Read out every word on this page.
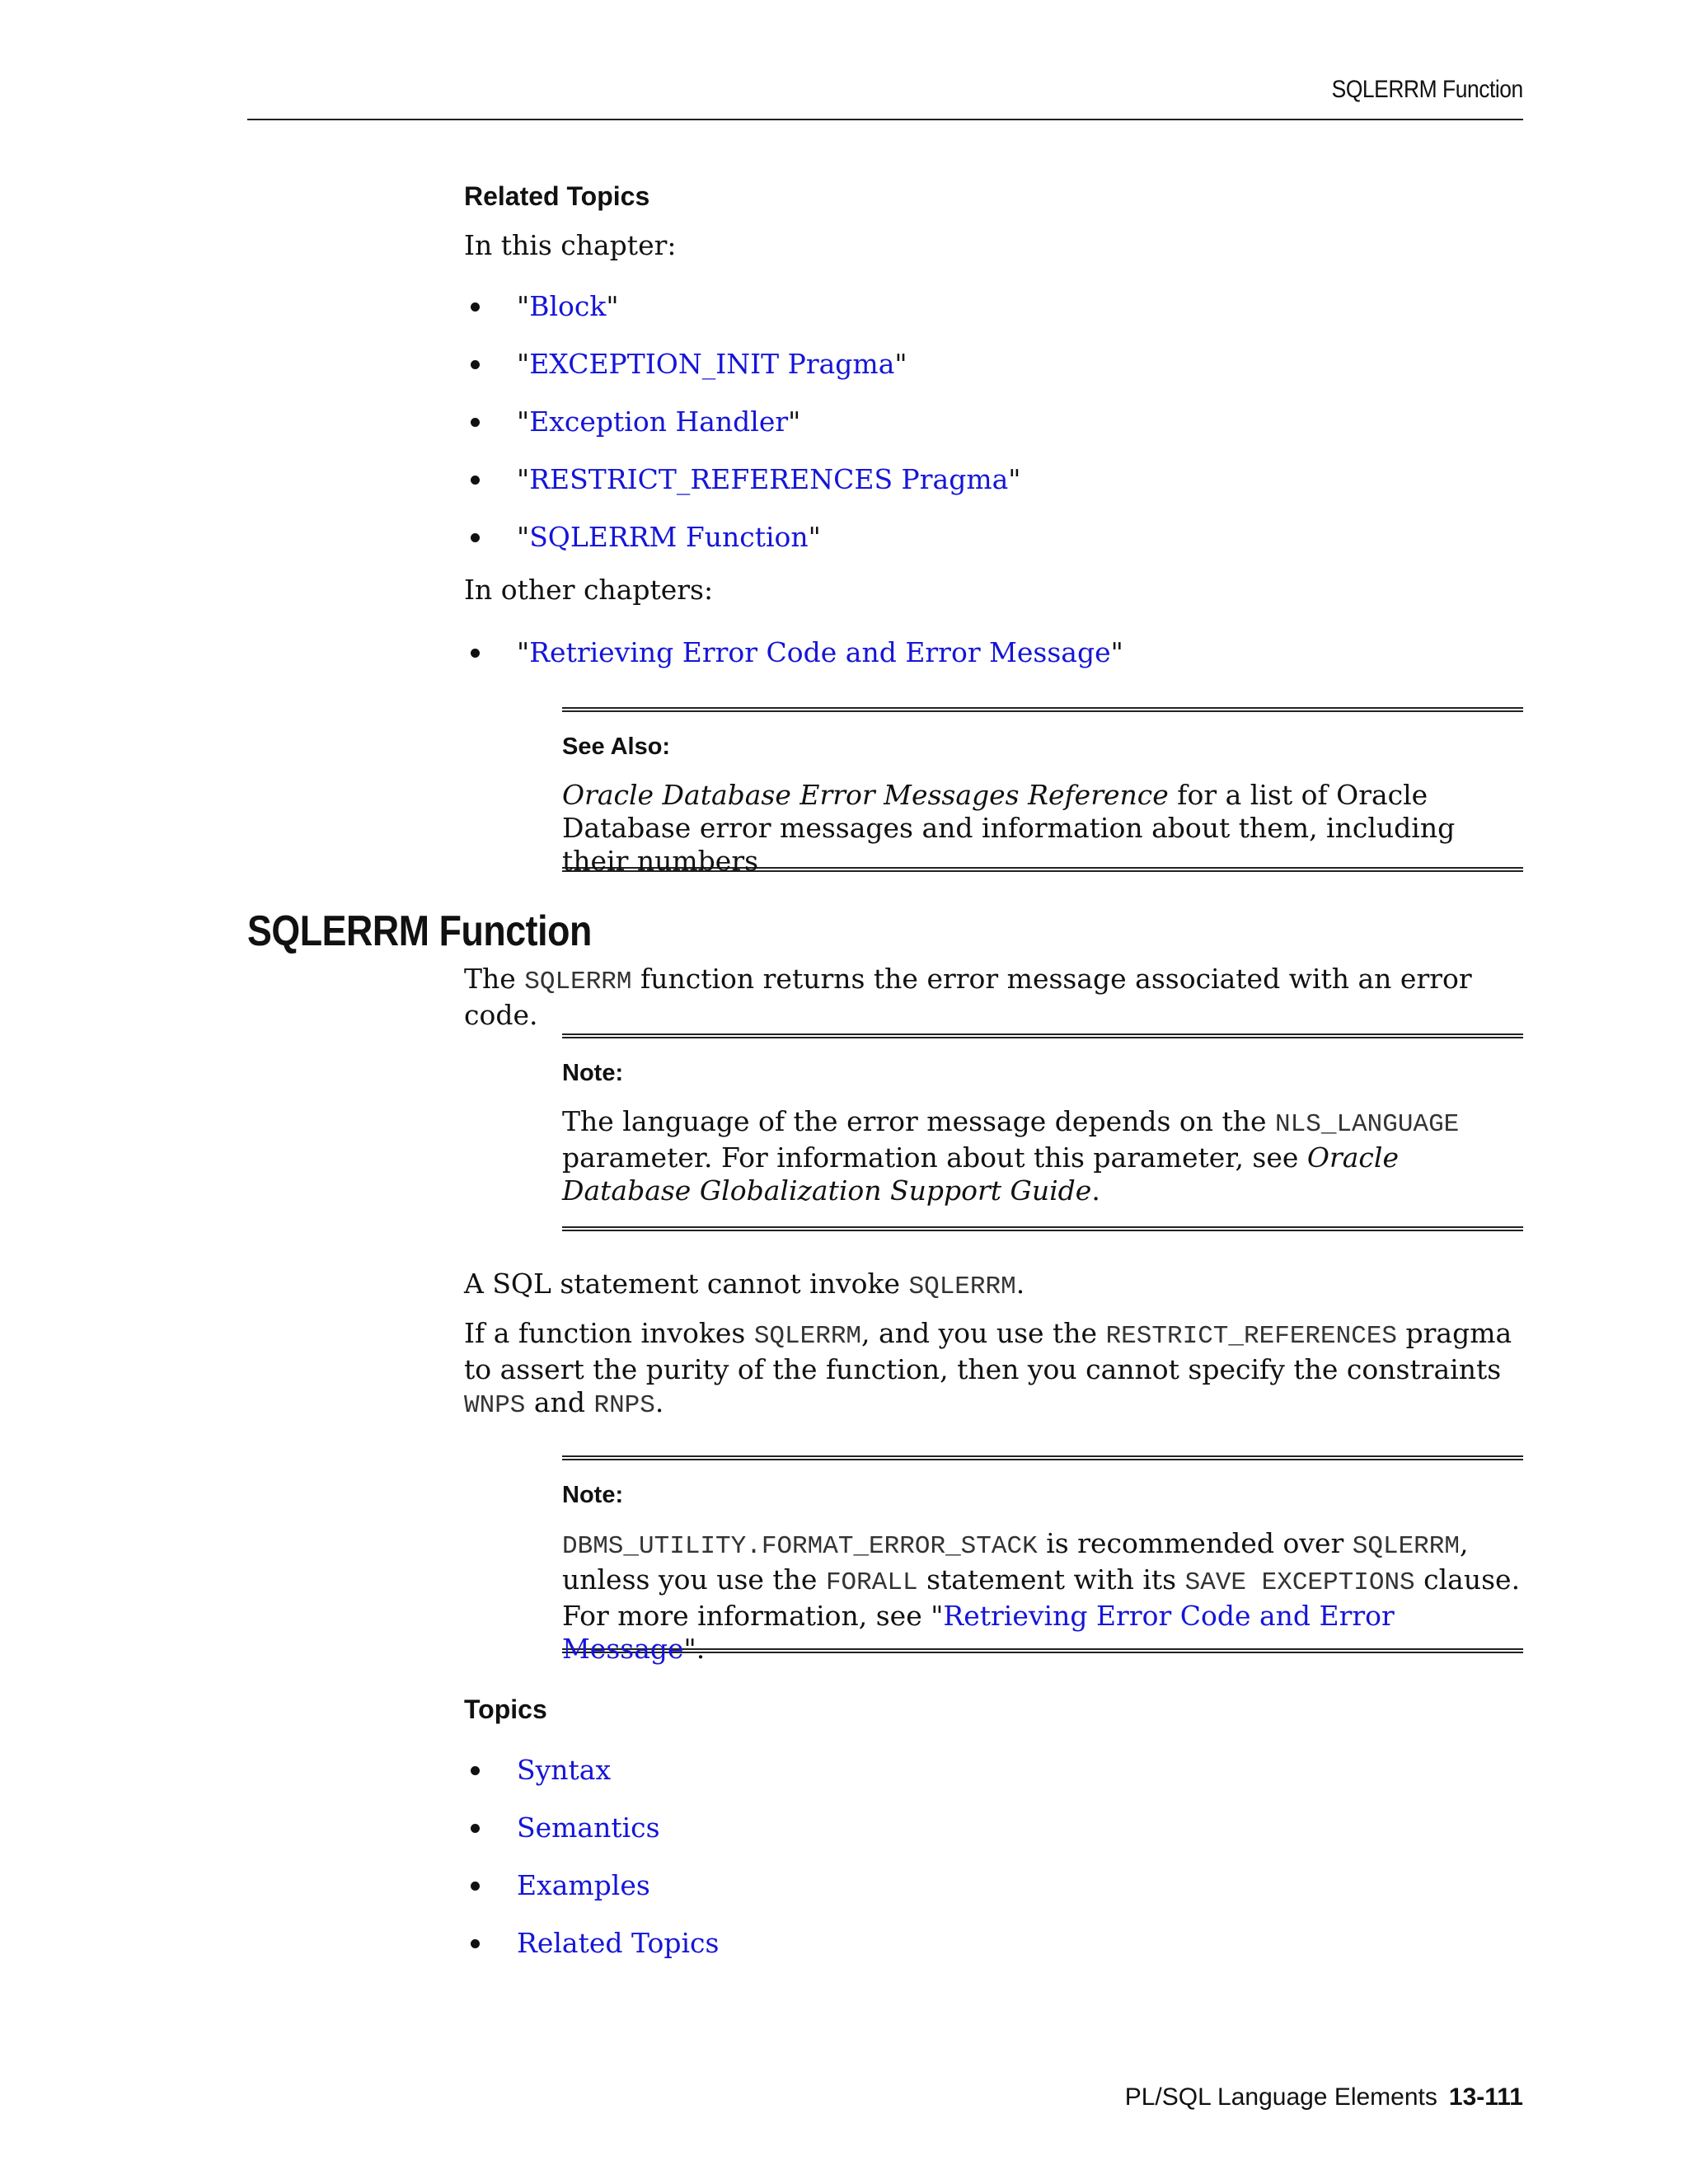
SQLERRM Function
Related Topics
In this chapter:
"Block"
"EXCEPTION_INIT Pragma"
"Exception Handler"
"RESTRICT_REFERENCES Pragma"
"SQLERRM Function"
In other chapters:
"Retrieving Error Code and Error Message"
See Also:
Oracle Database Error Messages Reference for a list of Oracle Database error messages and information about them, including their numbers
SQLERRM Function
The SQLERRM function returns the error message associated with an error code.
Note:
The language of the error message depends on the NLS_LANGUAGE parameter. For information about this parameter, see Oracle Database Globalization Support Guide.
A SQL statement cannot invoke SQLERRM.
If a function invokes SQLERRM, and you use the RESTRICT_REFERENCES pragma to assert the purity of the function, then you cannot specify the constraints WNPS and RNPS.
Note:
DBMS_UTILITY.FORMAT_ERROR_STACK is recommended over SQLERRM, unless you use the FORALL statement with its SAVE EXCEPTIONS clause. For more information, see "Retrieving Error Code and Error Message".
Topics
Syntax
Semantics
Examples
Related Topics
PL/SQL Language Elements 13-111
